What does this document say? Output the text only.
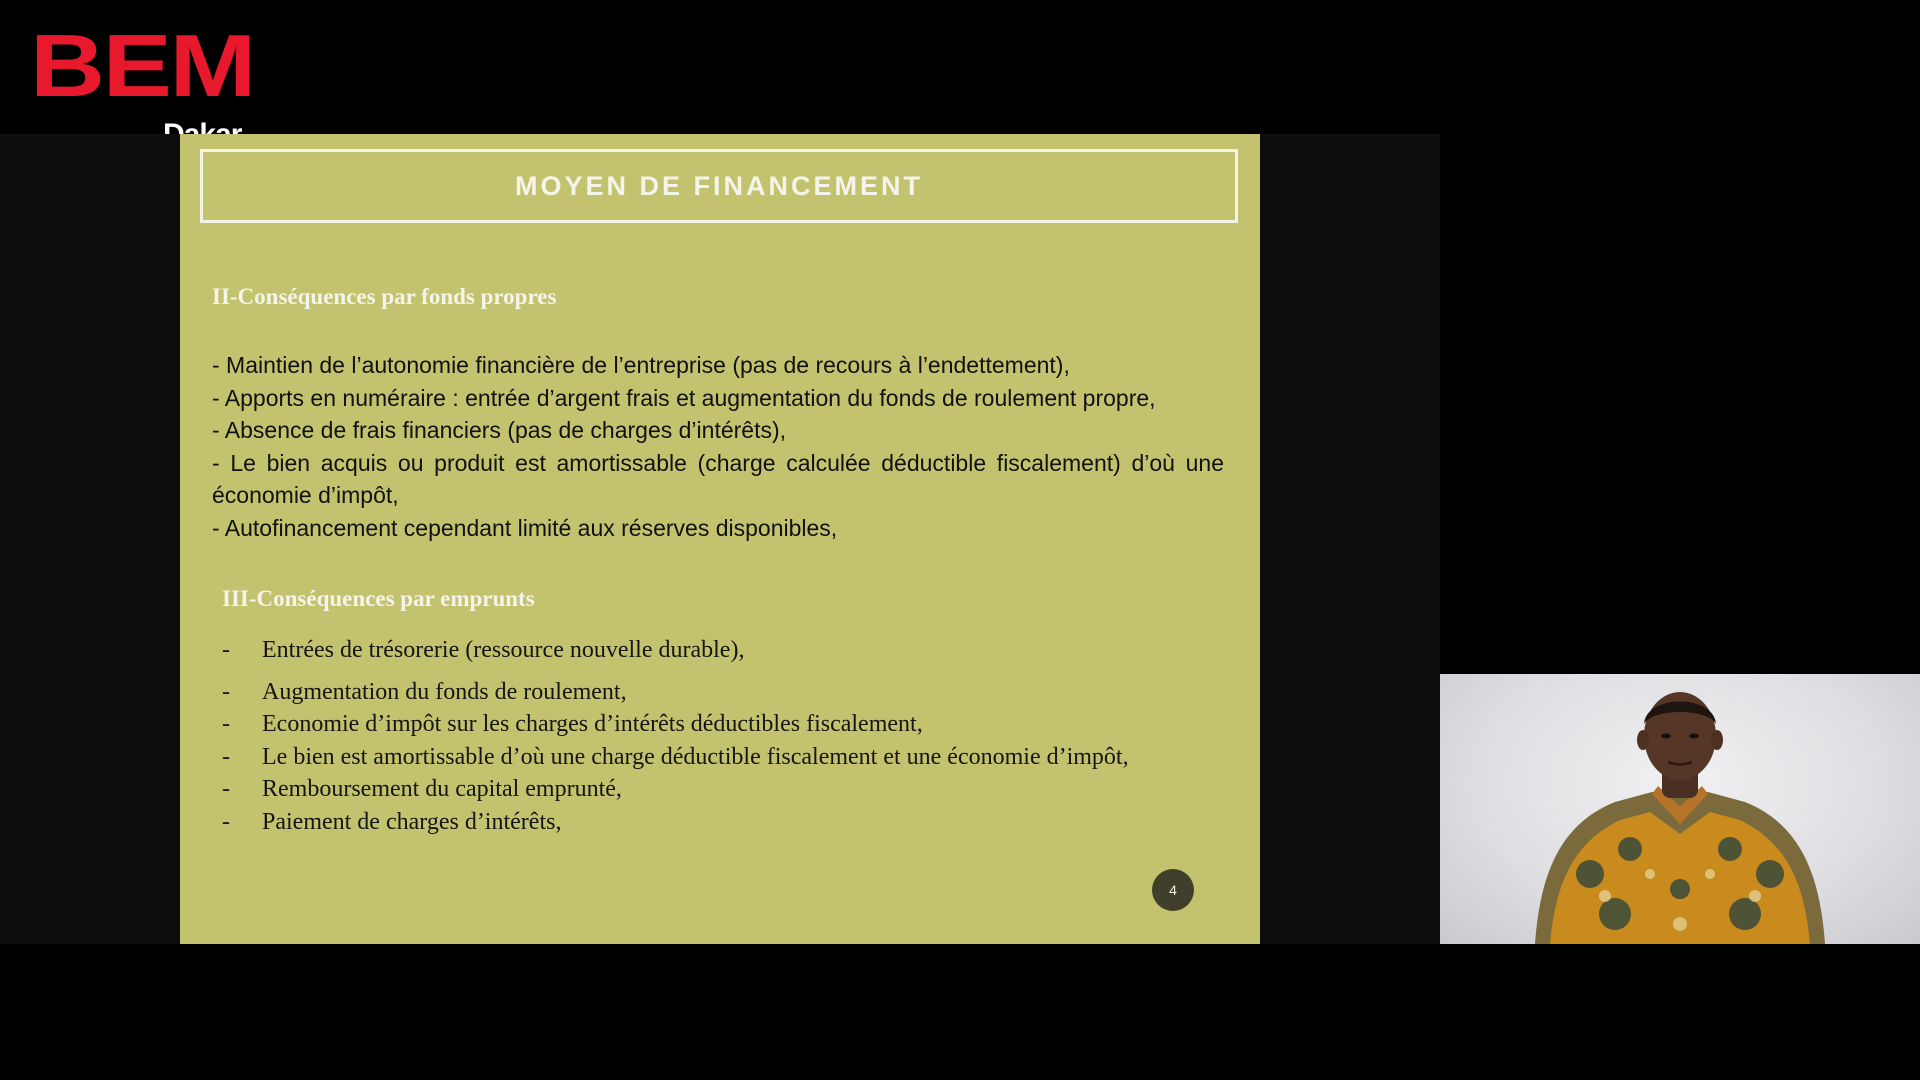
BEM
MOYEN DE FINANCEMENT
II-Conséquences par fonds propres
- Maintien de l’autonomie financière de l’entreprise (pas de recours à l’endettement),
- Apports en numéraire : entrée d’argent frais et augmentation du fonds de roulement propre,
- Absence de frais financiers (pas de charges d’intérêts),
- Le bien acquis ou produit est amortissable (charge calculée déductible fiscalement) d’où une économie d’impôt,
- Autofinancement cependant limité aux réserves disponibles,
III-Conséquences par emprunts
- Entrées de trésorerie (ressource nouvelle durable),
- Augmentation du fonds de roulement,
- Economie d’impôt sur les charges d’intérêts déductibles fiscalement,
- Le bien est amortissable d’où une charge déductible fiscalement et une économie d’impôt,
- Remboursement du capital emprunté,
- Paiement de charges d’intérêts,
4
